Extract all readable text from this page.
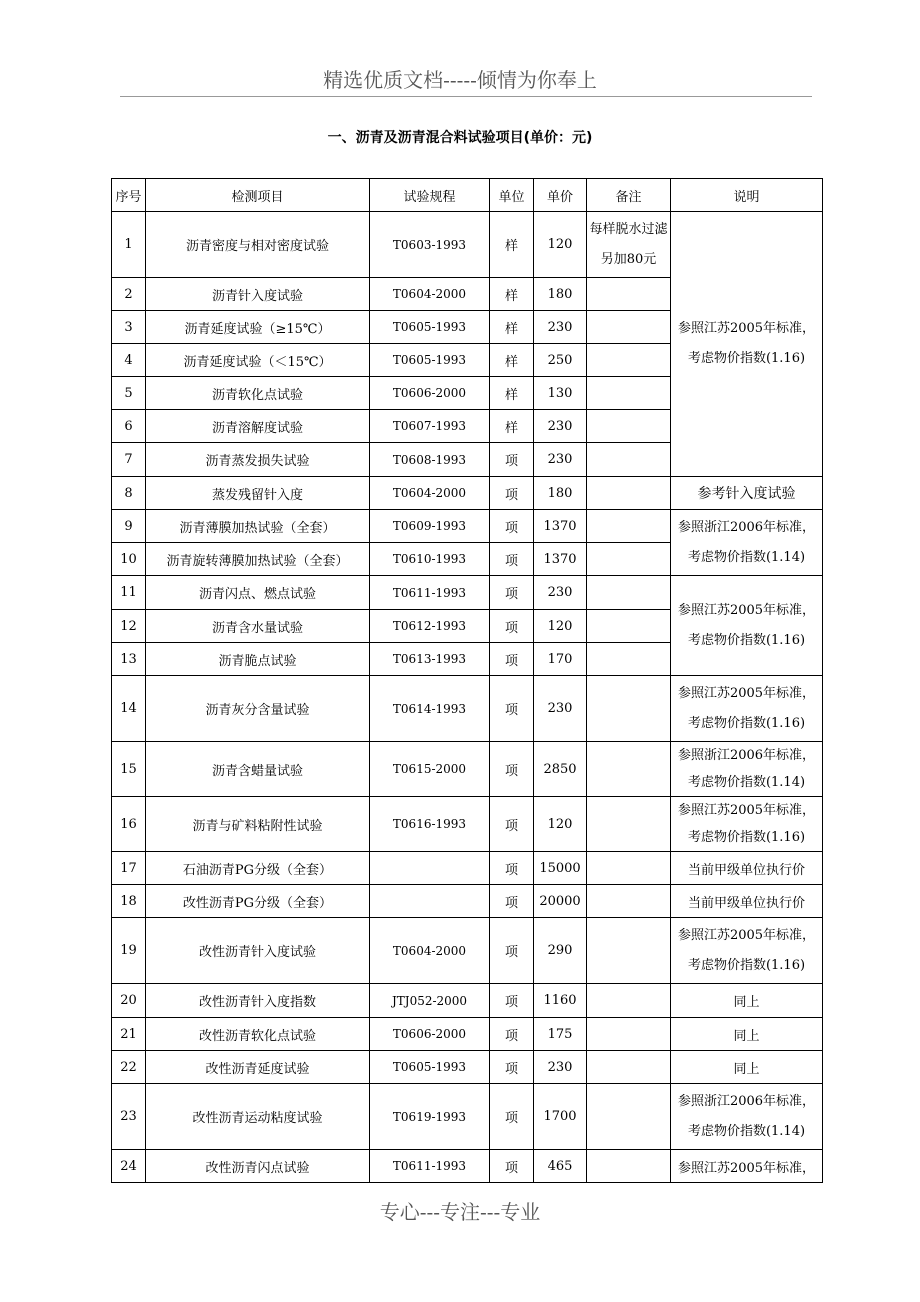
精选优质文档-----倾情为你奉上
一、沥青及沥青混合料试验项目(单价：元)
序号	检测项目	试验规程	单位	单价	备注	说明
1	沥青密度与相对密度试验	T0603-1993	样	120	每样脱水过滤另加80元	参照江苏2005年标准，考虑物价指数(1.16)
2	沥青针入度试验	T0604-2000	样	180		
3	沥青延度试验（≥15℃）	T0605-1993	样	230		
4	沥青延度试验（＜15℃）	T0605-1993	样	250		
5	沥青软化点试验	T0606-2000	样	130		
6	沥青溶解度试验	T0607-1993	样	230		
7	沥青蒸发损失试验	T0608-1993	项	230		
8	蒸发残留针入度	T0604-2000	项	180		参考针入度试验
9	沥青薄膜加热试验（全套）	T0609-1993	项	1370		参照浙江2006年标准，考虑物价指数(1.14)
10	沥青旋转薄膜加热试验（全套）	T0610-1993	项	1370		
11	沥青闪点、燃点试验	T0611-1993	项	230		参照江苏2005年标准，考虑物价指数(1.16)
12	沥青含水量试验	T0612-1993	项	120		
13	沥青脆点试验	T0613-1993	项	170		
14	沥青灰分含量试验	T0614-1993	项	230		参照江苏2005年标准，考虑物价指数(1.16)
15	沥青含蜡量试验	T0615-2000	项	2850		参照浙江2006年标准，考虑物价指数(1.14)
16	沥青与矿料粘附性试验	T0616-1993	项	120		参照江苏2005年标准，考虑物价指数(1.16)
17	石油沥青PG分级（全套）		项	15000		当前甲级单位执行价
18	改性沥青PG分级（全套）		项	20000		当前甲级单位执行价
19	改性沥青针入度试验	T0604-2000	项	290		参照江苏2005年标准，考虑物价指数(1.16)
20	改性沥青针入度指数	JTJ052-2000	项	1160		同上
21	改性沥青软化点试验	T0606-2000	项	175		同上
22	改性沥青延度试验	T0605-1993	项	230		同上
23	改性沥青运动粘度试验	T0619-1993	项	1700		参照浙江2006年标准，考虑物价指数(1.14)
24	改性沥青闪点试验	T0611-1993	项	465		参照江苏2005年标准，
专心---专注---专业
